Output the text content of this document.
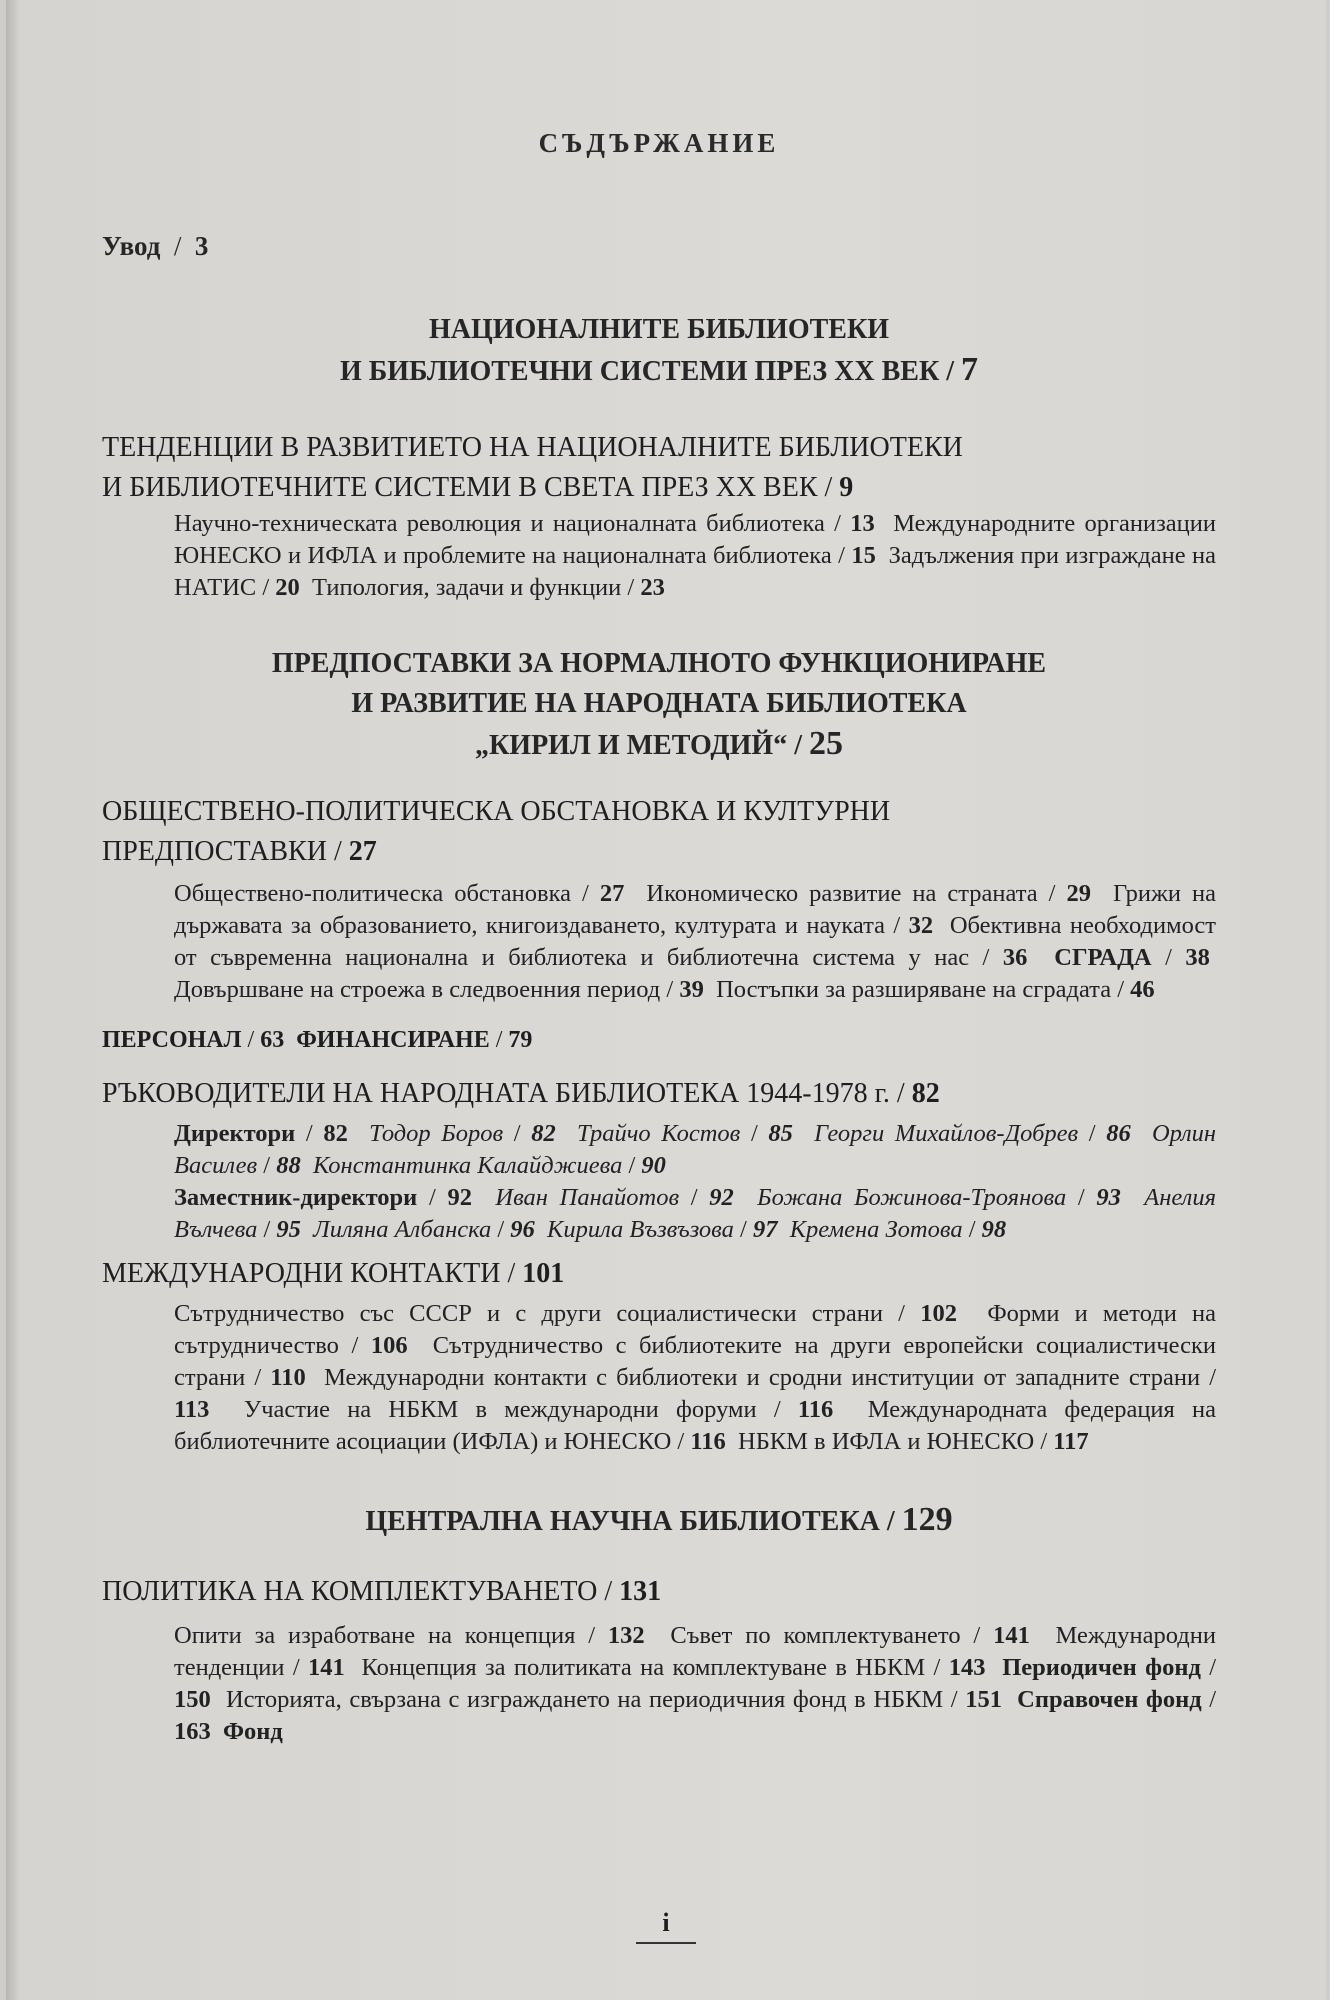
СЪДЪРЖАНИЕ
Увод  /  3
НАЦИОНАЛНИТЕ БИБЛИОТЕКИ
И БИБЛИОТЕЧНИ СИСТЕМИ ПРЕЗ XX ВЕК / 7
ТЕНДЕНЦИИ В РАЗВИТИЕТО НА НАЦИОНАЛНИТЕ БИБЛИОТЕКИ
И БИБЛИОТЕЧНИТЕ СИСТЕМИ В СВЕТА ПРЕЗ XX ВЕК / 9
Научно-техническата революция и националната библиотека / 13 Международните организации ЮНЕСКО и ИФЛА и проблемите на националната библиотека / 15 Задължения при изграждане на НАТИС / 20 Типология, задачи и функции / 23
ПРЕДПОСТАВКИ ЗА НОРМАЛНОТО ФУНКЦИОНИРАНЕ
И РАЗВИТИЕ НА НАРОДНАТА БИБЛИОТЕКА
„КИРИЛ И МЕТОДИЙ“ / 25
ОБЩЕСТВЕНО-ПОЛИТИЧЕСКА ОБСТАНОВКА И КУЛТУРНИ
ПРЕДПОСТАВКИ / 27
Обществено-политическа обстановка / 27 Икономическо развитие на страната / 29 Грижи на държавата за образованието, книгоиздаването, културата и науката / 32 Обективна необходимост от съвременна национална и библиотека и библиотечна система у нас / 36 СГРАДА / 38  Довършване на строежа в следвоенния период / 39 Постъпки за разширяване на сградата / 46
ПЕРСОНАЛ / 63 ФИНАНСИРАНЕ / 79
РЪКОВОДИТЕЛИ НА НАРОДНАТА БИБЛИОТЕКА 1944-1978 г. / 82
Директори / 82 Тодор Боров / 82 Трайчо Костов / 85 Георги Михайлов-Добрев / 86 Орлин Василев / 88 Константинка Калайджиева / 90
Заместник-директори / 92 Иван Панайотов / 92 Божана Божинова-Троянова / 93 Анелия Вълчева / 95 Лиляна Албанска / 96 Кирила Възвъзова / 97 Кремена Зотова / 98
МЕЖДУНАРОДНИ КОНТАКТИ / 101
Сътрудничество със СССР и с други социалистически страни / 102 Форми и методи на сътрудничество / 106 Сътрудничество с библиотеките на други европейски социалистически страни / 110 Международни контакти с библиотеки и сродни институции от западните страни / 113 Участие на НБКМ в международни форуми / 116 Международната федерация на библиотечните асоциации (ИФЛА) и ЮНЕСКО / 116 НБКМ в ИФЛА и ЮНЕСКО / 117
ЦЕНТРАЛНА НАУЧНА БИБЛИОТЕКА / 129
ПОЛИТИКА НА КОМПЛЕКТУВАНЕТО / 131
Опити за изработване на концепция / 132 Съвет по комплектуването / 141 Международни тенденции / 141 Концепция за политиката на комплектуване в НБКМ / 143 Периодичен фонд / 150 Историята, свързана с изграждането на периодичния фонд в НБКМ / 151 Справочен фонд / 163 Фонд
i
